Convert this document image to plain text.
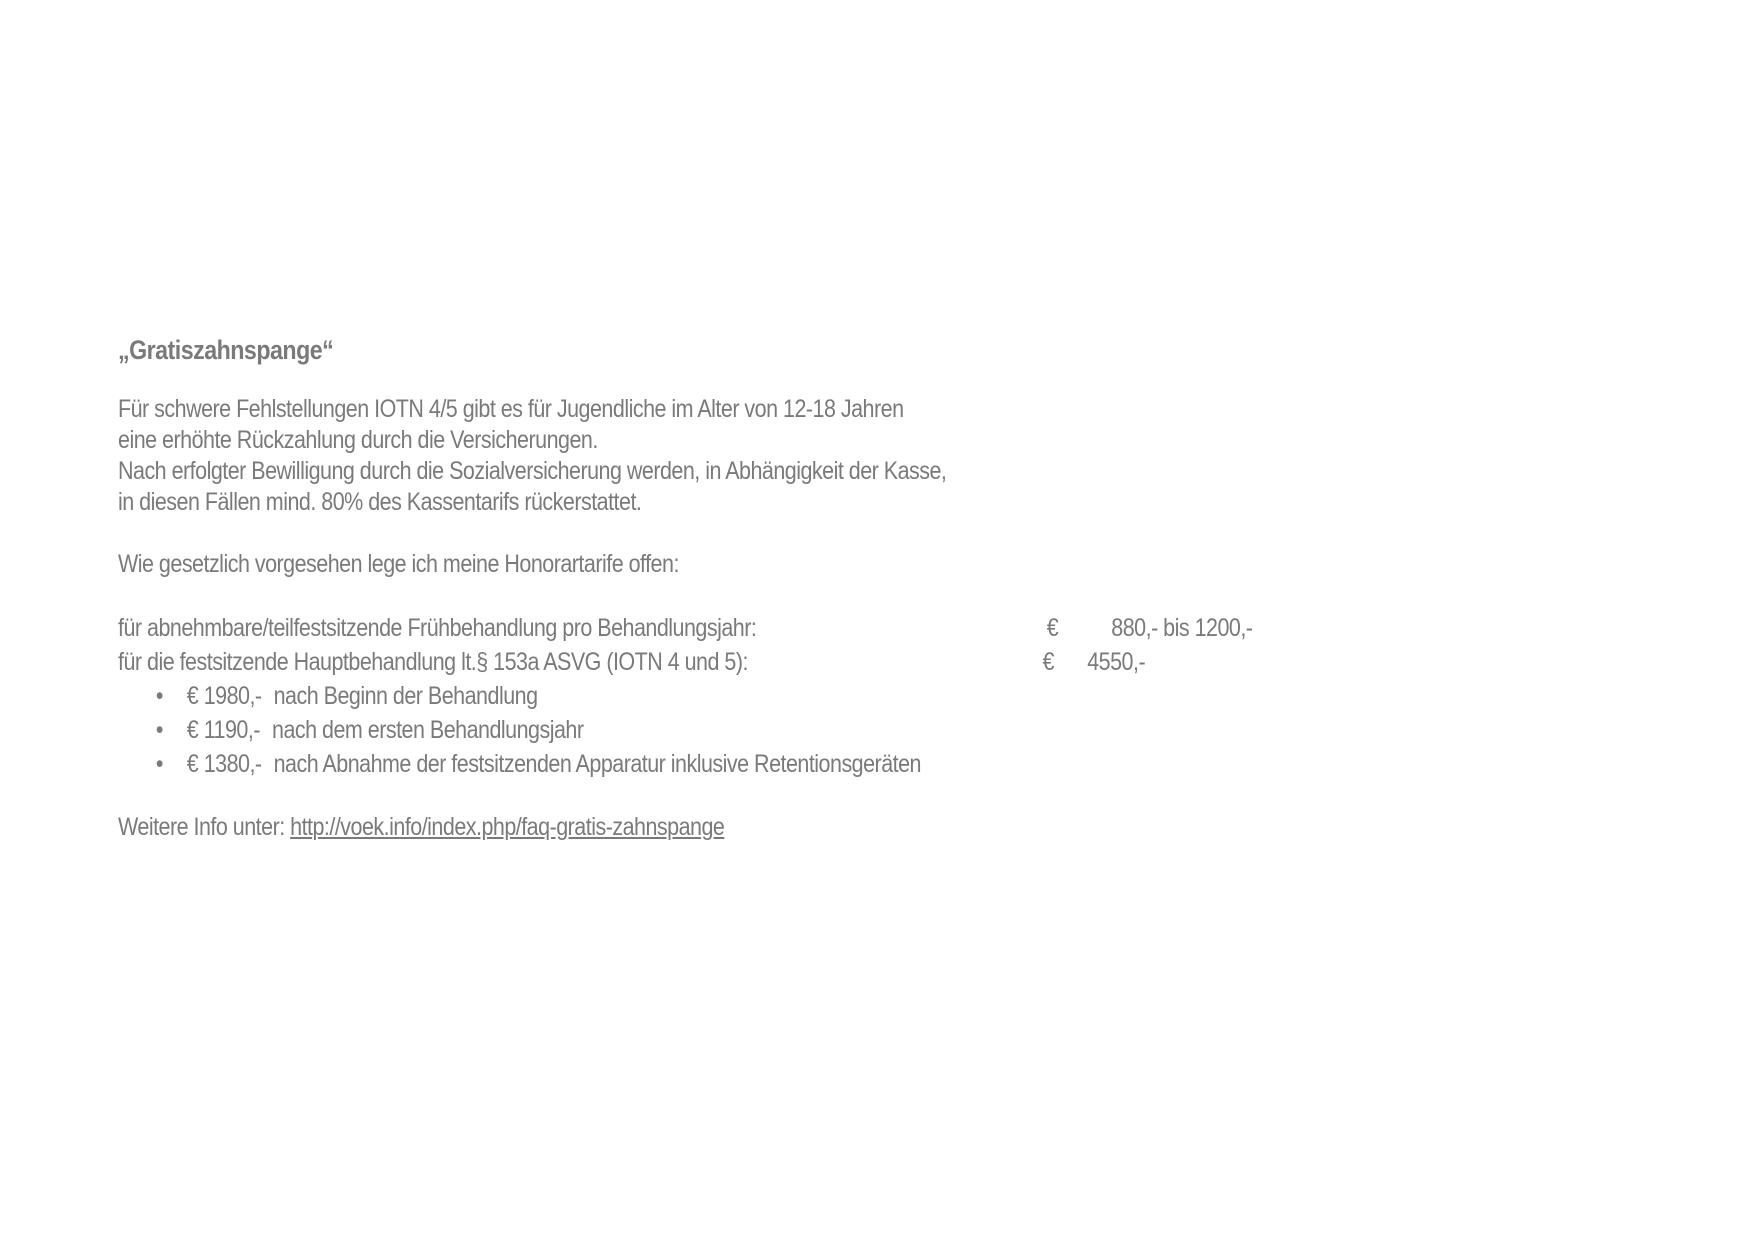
„Gratiszahnspange“
Für schwere Fehlstellungen IOTN 4/5 gibt es für Jugendliche im Alter von 12-18 Jahren
eine erhöhte Rückzahlung durch die Versicherungen.
Nach erfolgter Bewilligung durch die Sozialversicherung werden, in Abhängigkeit der Kasse,
in diesen Fällen mind. 80% des Kassentarifs rückerstattet.
Wie gesetzlich vorgesehen lege ich meine Honorartarife offen:
für abnehmbare/teilfestsitzende Frühbehandlung pro Behandlungsjahr:	€ 880,- bis 1200,-
für die festsitzende Hauptbehandlung lt.§ 153a ASVG (IOTN 4 und 5):	€ 4550,-
• € 1980,- nach Beginn der Behandlung
• € 1190,- nach dem ersten Behandlungsjahr
• € 1380,- nach Abnahme der festsitzenden Apparatur inklusive Retentionsgeräten
Weitere Info unter: http://voek.info/index.php/faq-gratis-zahnspange
